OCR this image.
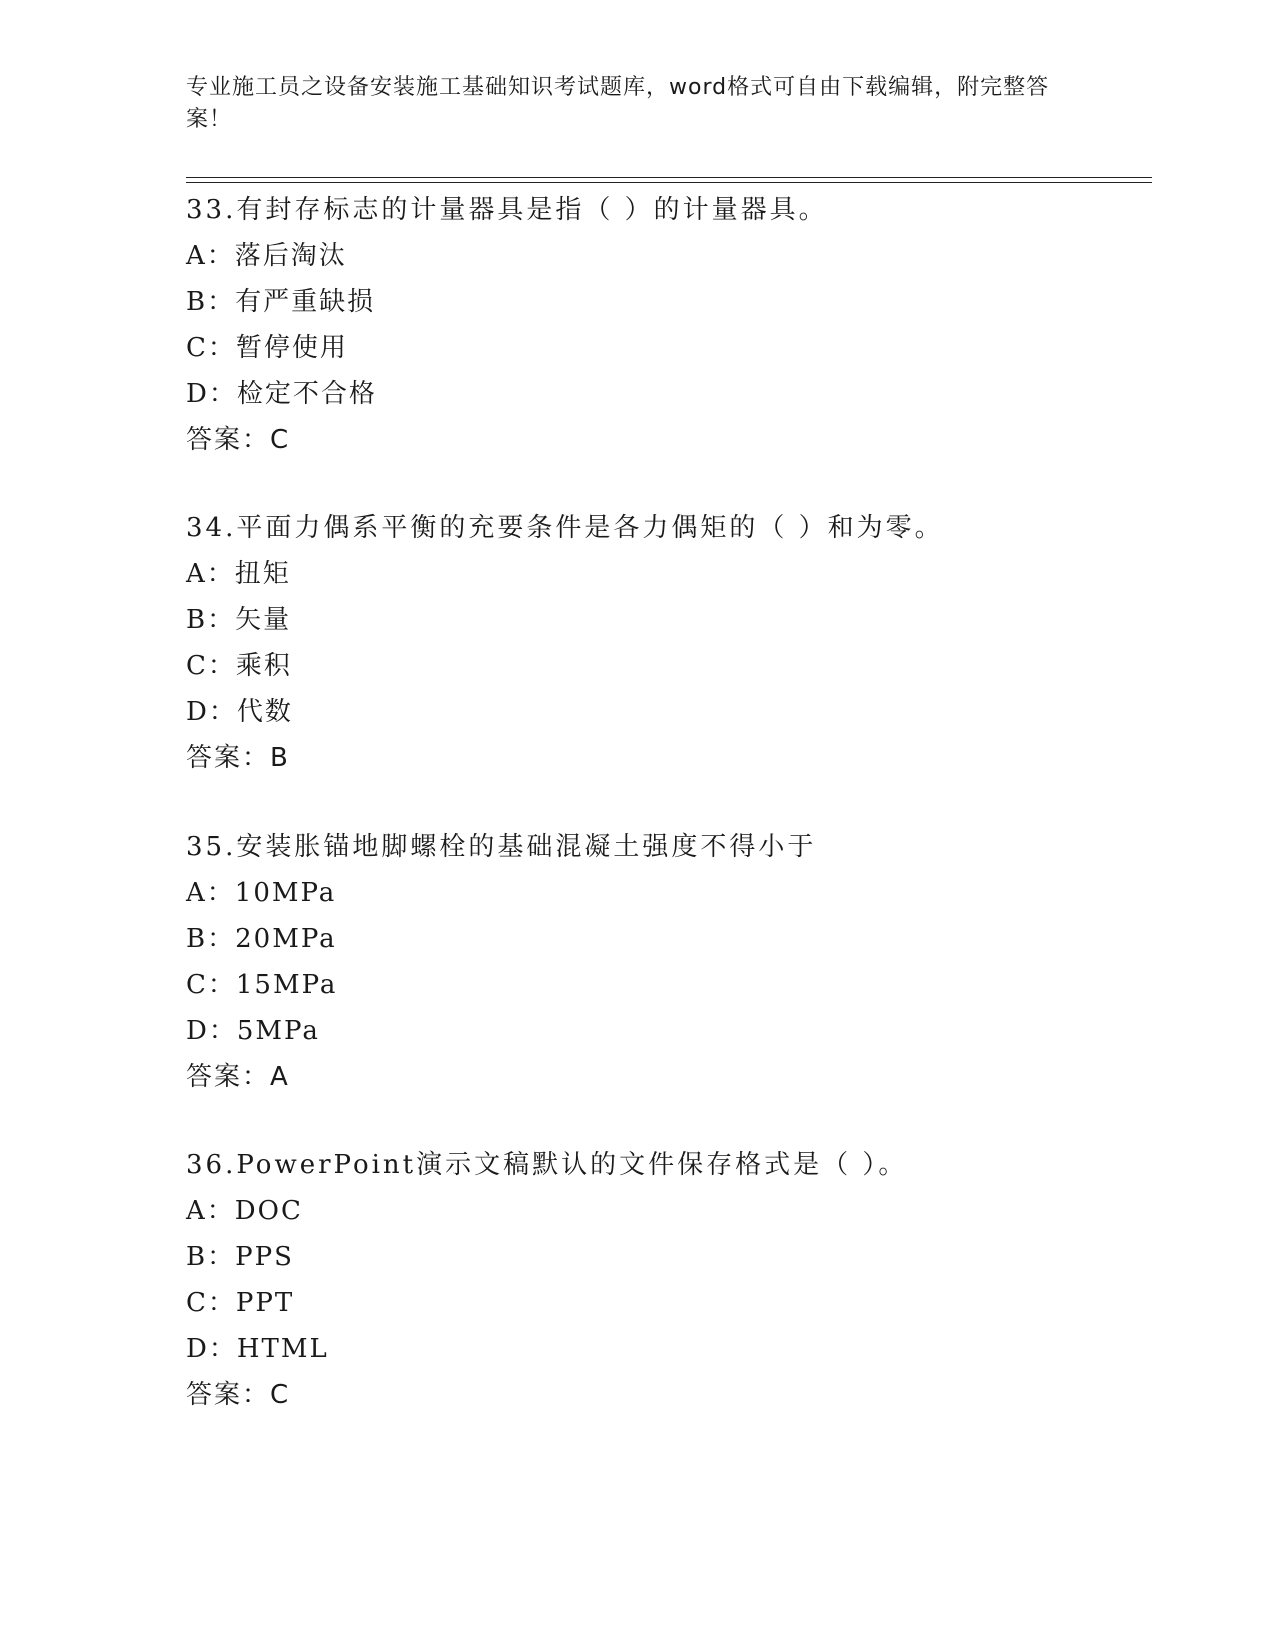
专业施工员之设备安装施工基础知识考试题库，word格式可自由下载编辑，附完整答案！
33.有封存标志的计量器具是指（ ）的计量器具。
A：落后淘汰
B：有严重缺损
C：暂停使用
D：检定不合格
答案：C
34.平面力偶系平衡的充要条件是各力偶矩的（ ）和为零。
A：扭矩
B：矢量
C：乘积
D：代数
答案：B
35.安装胀锚地脚螺栓的基础混凝土强度不得小于
A：10MPa
B：20MPa
C：15MPa
D：5MPa
答案：A
36.PowerPoint演示文稿默认的文件保存格式是（ ）。
A：DOC
B：PPS
C：PPT
D：HTML
答案：C
